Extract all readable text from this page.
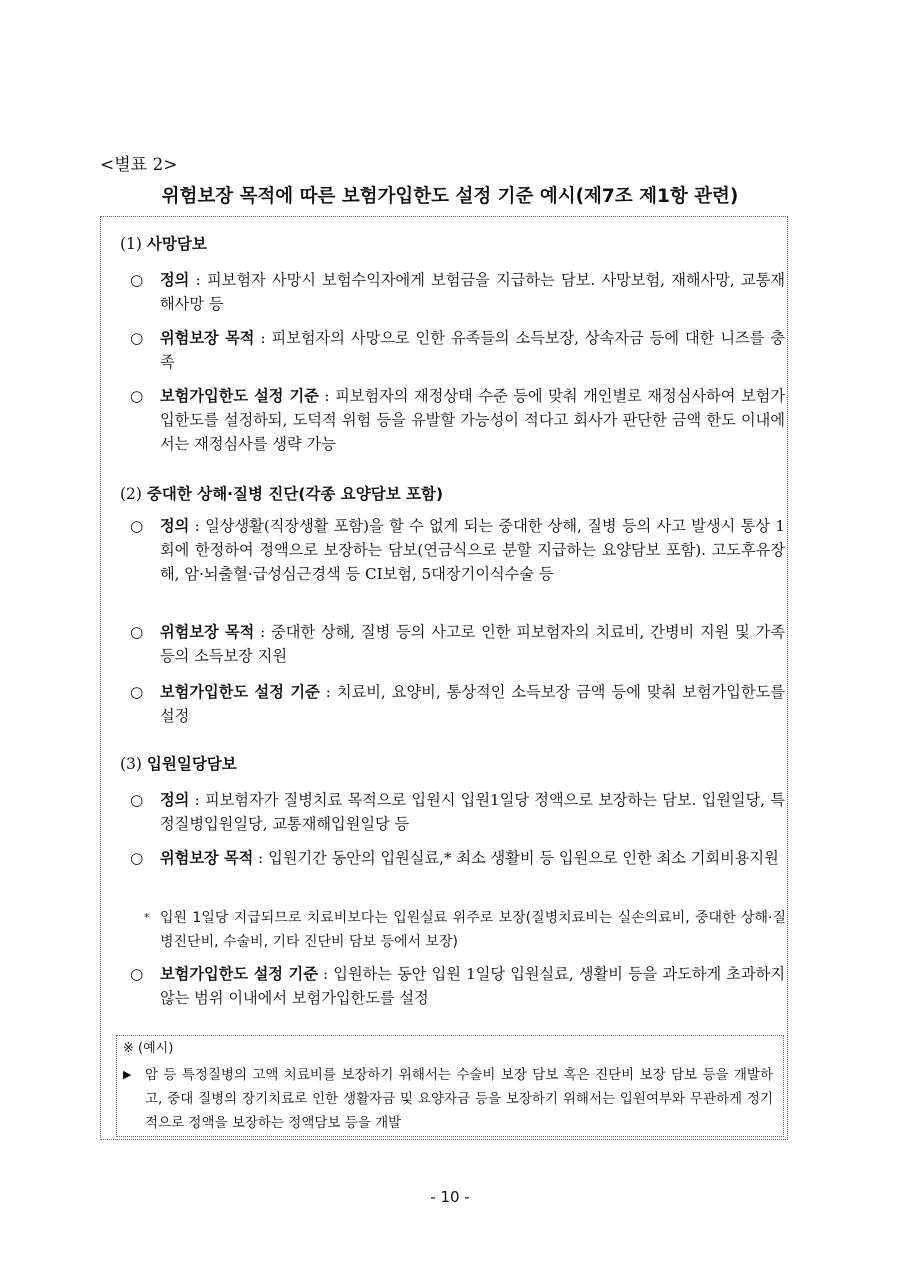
<별표 2>
위험보장 목적에 따른 보험가입한도 설정 기준 예시(제7조 제1항 관련)
(1) 사망담보
○	정의 : 피보험자 사망시 보험수익자에게 보험금을 지급하는 담보. 사망보험, 재해사망, 교통재해사망 등
○	위험보장 목적 : 피보험자의 사망으로 인한 유족들의 소득보장, 상속자금 등에 대한 니즈를 충족
○	보험가입한도 설정 기준 : 피보험자의 재정상태 수준 등에 맞춰 개인별로 재정심사하여 보험가입한도를 설정하되, 도덕적 위험 등을 유발할 가능성이 적다고 회사가 판단한 금액 한도 이내에서는 재정심사를 생략 가능
(2) 중대한 상해·질병 진단(각종 요양담보 포함)
○	정의 : 일상생활(직장생활 포함)을 할 수 없게 되는 중대한 상해, 질병 등의 사고 발생시 통상 1회에 한정하여 정액으로 보장하는 담보(연금식으로 분할 지급하는 요양담보 포함). 고도후유장해, 암·뇌출혈·급성심근경색 등 CI보험, 5대장기이식수술 등
○	위험보장 목적 : 중대한 상해, 질병 등의 사고로 인한 피보험자의 치료비, 간병비 지원 및 가족 등의 소득보장 지원
○	보험가입한도 설정 기준 : 치료비, 요양비, 통상적인 소득보장 금액 등에 맞춰 보험가입한도를 설정
(3) 입원일당담보
○	정의 : 피보험자가 질병치료 목적으로 입원시 입원1일당 정액으로 보장하는 담보. 입원일당, 특정질병입원일당, 교통재해입원일당 등
○	위험보장 목적 : 입원기간 동안의 입원실료,* 최소 생활비 등 입원으로 인한 최소 기회비용지원
* 입원 1일당 지급되므로 치료비보다는 입원실료 위주로 보장(질병치료비는 실손의료비, 중대한 상해·질병진단비, 수술비, 기타 진단비 담보 등에서 보장)
○	보험가입한도 설정 기준 : 입원하는 동안 입원 1일당 입원실료, 생활비 등을 과도하게 초과하지 않는 범위 이내에서 보험가입한도를 설정
※ (예시)
▶ 암 등 특정질병의 고액 치료비를 보장하기 위해서는 수술비 보장 담보 혹은 진단비 보장 담보 등을 개발하고, 중대 질병의 장기치료로 인한 생활자금 및 요양자금 등을 보장하기 위해서는 입원여부와 무관하게 정기적으로 정액을 보장하는 정액담보 등을 개발
- 10 -
